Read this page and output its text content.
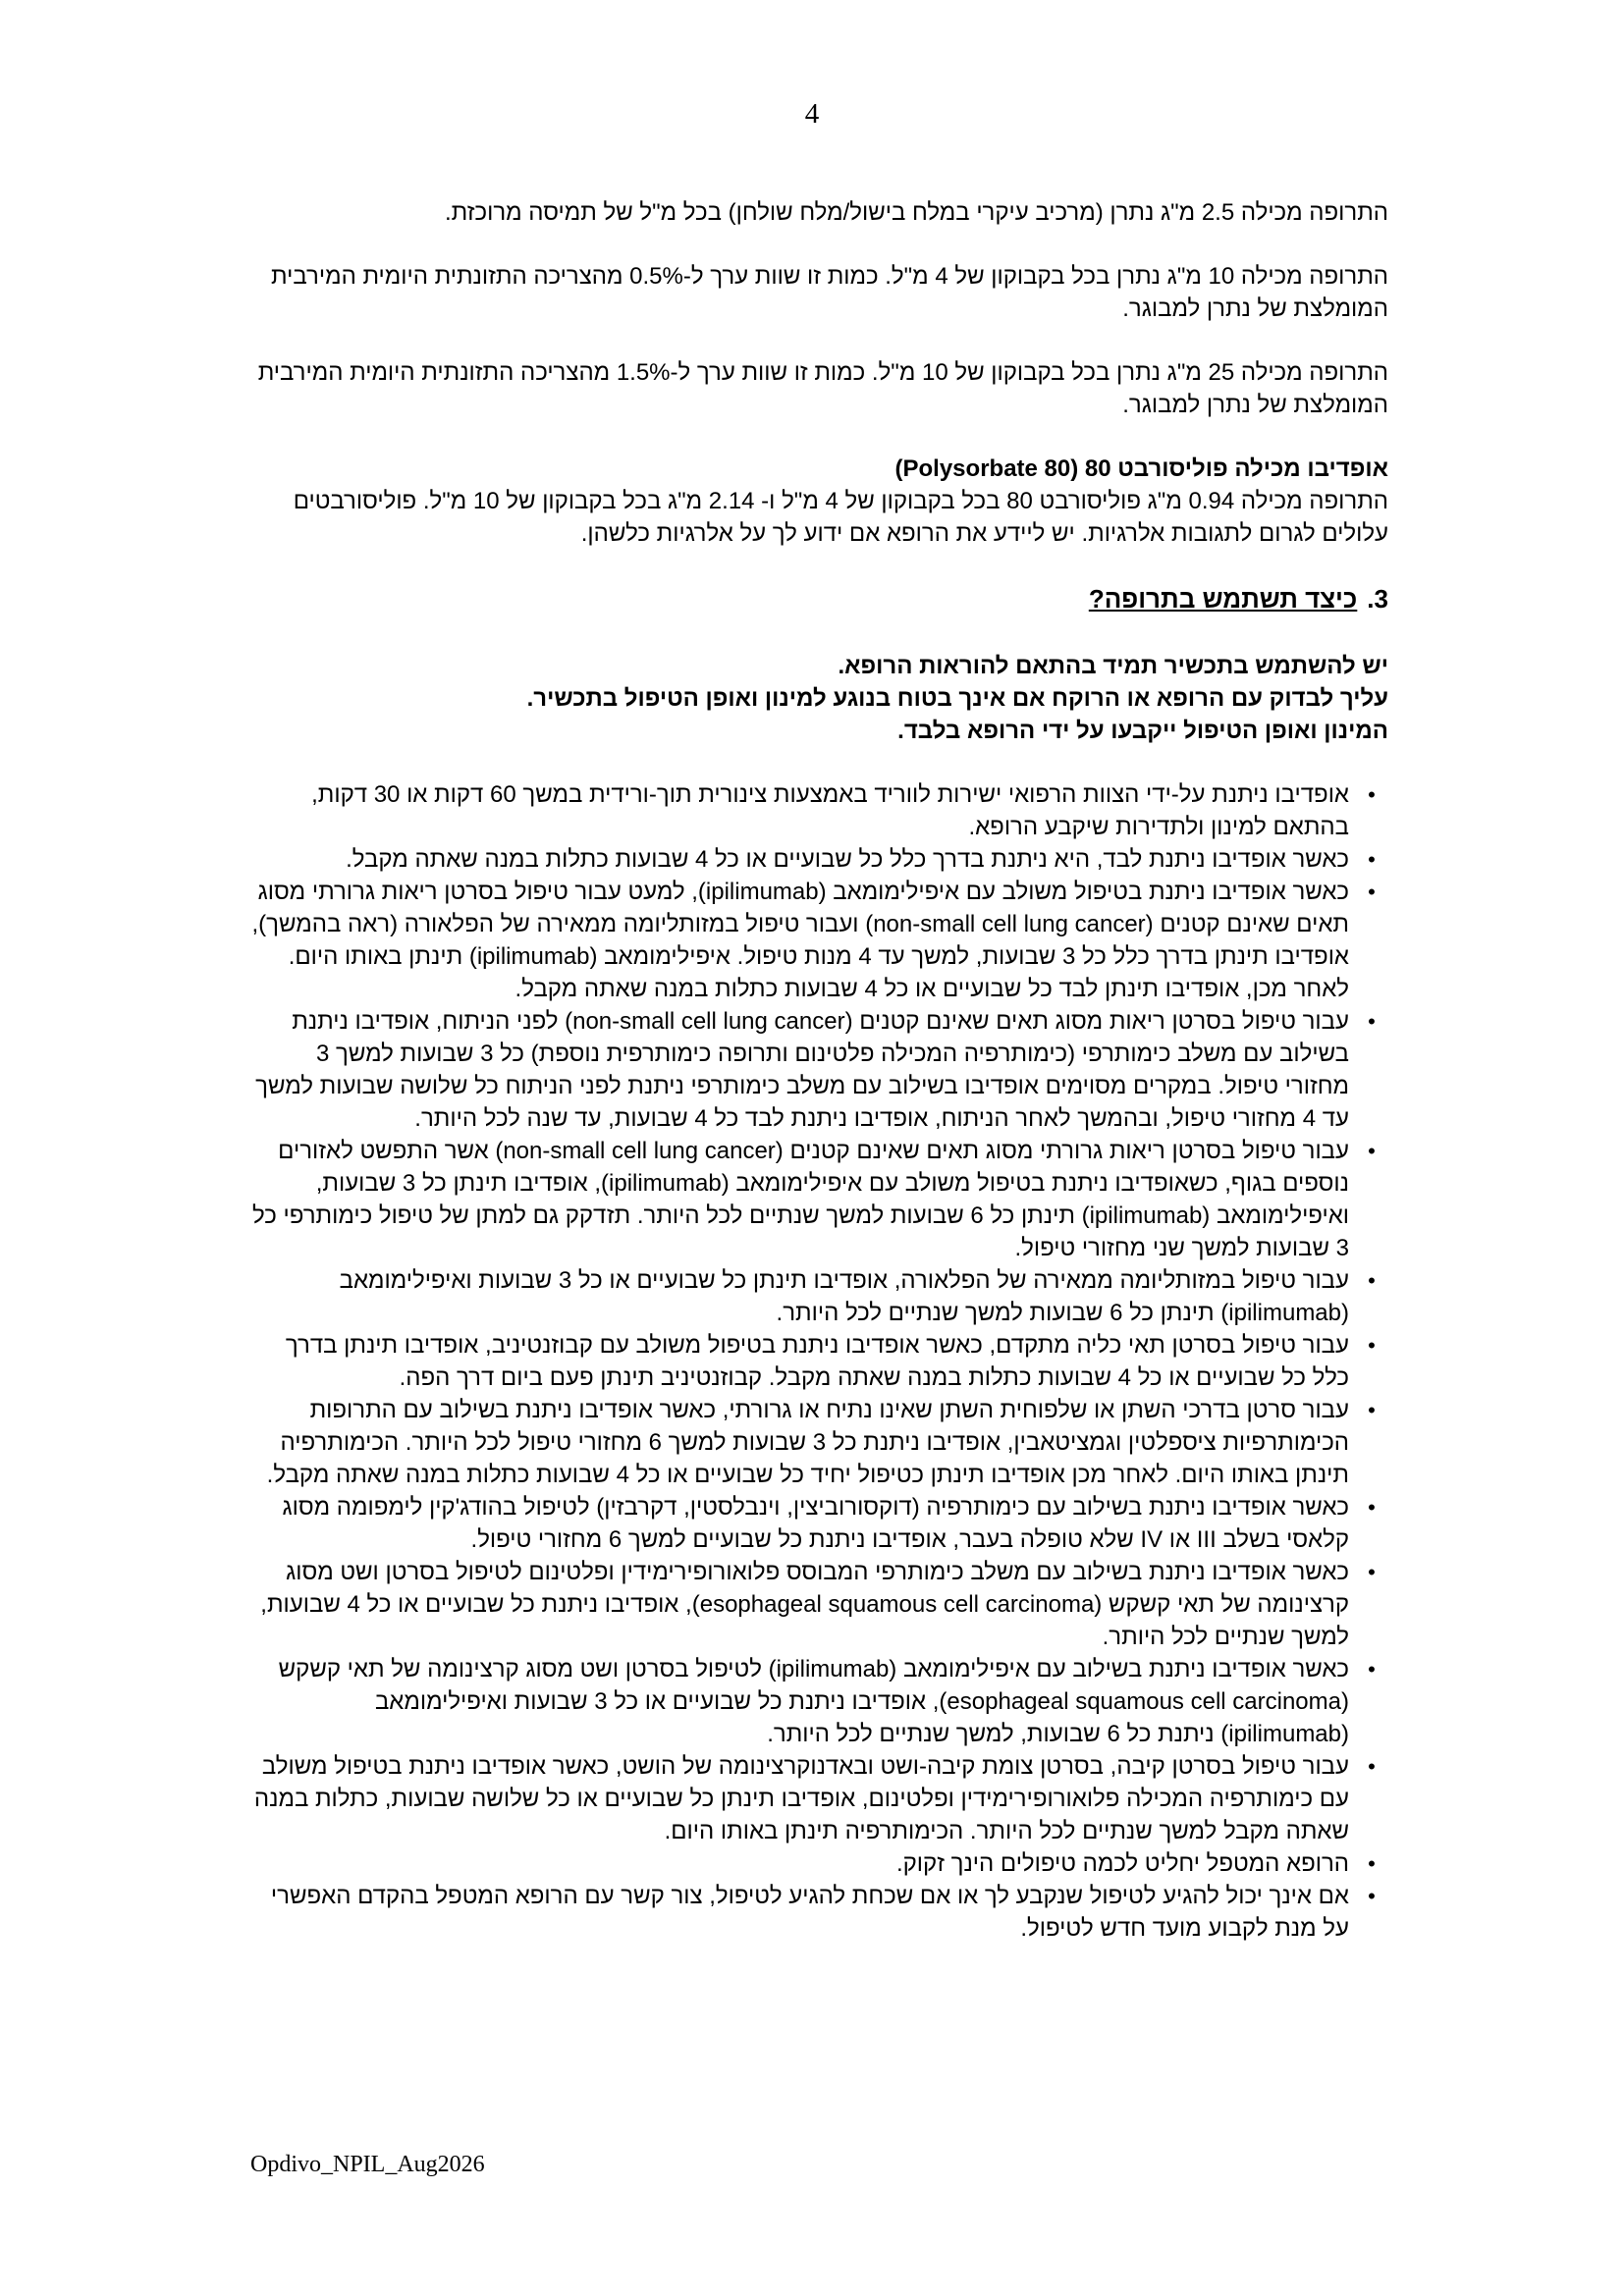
4

התרופה מכילה 2.5 מ"ג נתרן (מרכיב עיקרי במלח בישול/מלח שולחן) בכל מ"ל של תמיסה מרוכזת.

התרופה מכילה 10 מ"ג נתרן בכל בקבוקון של 4 מ"ל. כמות זו שוות ערך ל-0.5% מהצריכה התזונתית היומית המירבית המומלצת של נתרן למבוגר.

התרופה מכילה 25 מ"ג נתרן בכל בקבוקון של 10 מ"ל. כמות זו שוות ערך ל-1.5% מהצריכה התזונתית היומית המירבית המומלצת של נתרן למבוגר.

אופדיבו מכילה פוליסורבט 80 (Polysorbate 80)

התרופה מכילה 0.94 מ"ג פוליסורבט 80 בכל בקבוקון של 4 מ"ל ו- 2.14 מ"ג בכל בקבוקון של 10 מ"ל. פוליסורבטים עלולים לגרום לתגובות אלרגיות. יש ליידע את הרופא אם ידוע לך על אלרגיות כלשהן.

3.כיצד תשתמש בתרופה?

יש להשתמש בתכשיר תמיד בהתאם להוראות הרופא.

עליך לבדוק עם הרופא או הרוקח אם אינך בטוח בנוגע למינון ואופן הטיפול בתכשיר.

המינון ואופן הטיפול ייקבעו על ידי הרופא בלבד.

•
אופדיבו ניתנת על-ידי הצוות הרפואי ישירות לווריד באמצעות צינורית תוך-ורידית במשך 60 דקות או 30 דקות, בהתאם למינון ולתדירות שיקבע הרופא.
•
כאשר אופדיבו ניתנת לבד, היא ניתנת בדרך כלל כל שבועיים או כל 4 שבועות כתלות במנה שאתה מקבל.
•
כאשר אופדיבו ניתנת בטיפול משולב עם איפילימומאב (ipilimumab), למעט עבור טיפול בסרטן ריאות גרורתי מסוג תאים שאינם קטנים (non-small cell lung cancer) ועבור טיפול במזותליומה ממאירה של הפלאורה (ראה בהמשך), אופדיבו תינתן בדרך כלל כל 3 שבועות, למשך עד 4 מנות טיפול. איפילימומאב (ipilimumab) תינתן באותו היום. לאחר מכן, אופדיבו תינתן לבד כל שבועיים או כל 4 שבועות כתלות במנה שאתה מקבל.
•
עבור טיפול בסרטן ריאות מסוג תאים שאינם קטנים (non-small cell lung cancer) לפני הניתוח, אופדיבו ניתנת בשילוב עם משלב כימותרפי (כימותרפיה המכילה פלטינום ותרופה כימותרפית נוספת) כל 3 שבועות למשך 3 מחזורי טיפול. במקרים מסוימים אופדיבו בשילוב עם משלב כימותרפי ניתנת לפני הניתוח כל שלושה שבועות למשך עד 4 מחזורי טיפול, ובהמשך לאחר הניתוח, אופדיבו ניתנת לבד כל 4 שבועות, עד שנה לכל היותר.
•
עבור טיפול בסרטן ריאות גרורתי מסוג תאים שאינם קטנים (non-small cell lung cancer) אשר התפשט לאזורים נוספים בגוף, כשאופדיבו ניתנת בטיפול משולב עם איפילימומאב (ipilimumab), אופדיבו תינתן כל 3 שבועות, ואיפילימומאב (ipilimumab) תינתן כל 6 שבועות למשך שנתיים לכל היותר. תזדקק גם למתן של טיפול כימותרפי כל 3 שבועות למשך שני מחזורי טיפול.
•
עבור טיפול במזותליומה ממאירה של הפלאורה, אופדיבו תינתן כל שבועיים או כל 3 שבועות ואיפילימומאב (ipilimumab) תינתן כל 6 שבועות למשך שנתיים לכל היותר.
•
עבור טיפול בסרטן תאי כליה מתקדם, כאשר אופדיבו ניתנת בטיפול משולב עם קבוזנטיניב, אופדיבו תינתן בדרך כלל כל שבועיים או כל 4 שבועות כתלות במנה שאתה מקבל. קבוזנטיניב תינתן פעם ביום דרך הפה.
•
עבור סרטן בדרכי השתן או שלפוחית השתן שאינו נתיח או גרורתי, כאשר אופדיבו ניתנת בשילוב עם התרופות הכימותרפיות ציספלטין וגמציטאבין, אופדיבו ניתנת כל 3 שבועות למשך 6 מחזורי טיפול לכל היותר. הכימותרפיה תינתן באותו היום. לאחר מכן אופדיבו תינתן כטיפול יחיד כל שבועיים או כל 4 שבועות כתלות במנה שאתה מקבל.
•
כאשר אופדיבו ניתנת בשילוב עם כימותרפיה (דוקסורוביצין, וינבלסטין, דקרבזין) לטיפול בהודג'קין לימפומה מסוג קלאסי בשלב III או IV שלא טופלה בעבר, אופדיבו ניתנת כל שבועיים למשך 6 מחזורי טיפול.
•
כאשר אופדיבו ניתנת בשילוב עם משלב כימותרפי המבוסס פלואורופירימידין ופלטינום לטיפול בסרטן ושט מסוג קרצינומה של תאי קשקש (esophageal squamous cell carcinoma), אופדיבו ניתנת כל שבועיים או כל 4 שבועות, למשך שנתיים לכל היותר.
•
כאשר אופדיבו ניתנת בשילוב עם איפילימומאב (ipilimumab) לטיפול בסרטן ושט מסוג קרצינומה של תאי קשקש (esophageal squamous cell carcinoma), אופדיבו ניתנת כל שבועיים או כל 3 שבועות ואיפילימומאב (ipilimumab) ניתנת כל 6 שבועות, למשך שנתיים לכל היותר.
•
עבור טיפול בסרטן קיבה, בסרטן צומת קיבה-ושט ובאדנוקרצינומה של הושט, כאשר אופדיבו ניתנת בטיפול משולב עם כימותרפיה המכילה פלואורופירימידין ופלטינום, אופדיבו תינתן כל שבועיים או כל שלושה שבועות, כתלות במנה שאתה מקבל למשך שנתיים לכל היותר. הכימותרפיה תינתן באותו היום.
•
הרופא המטפל יחליט לכמה טיפולים הינך זקוק.
•
אם אינך יכול להגיע לטיפול שנקבע לך או אם שכחת להגיע לטיפול, צור קשר עם הרופא המטפל בהקדם האפשרי על מנת לקבוע מועד חדש לטיפול.
Opdivo_NPIL_Aug2026
